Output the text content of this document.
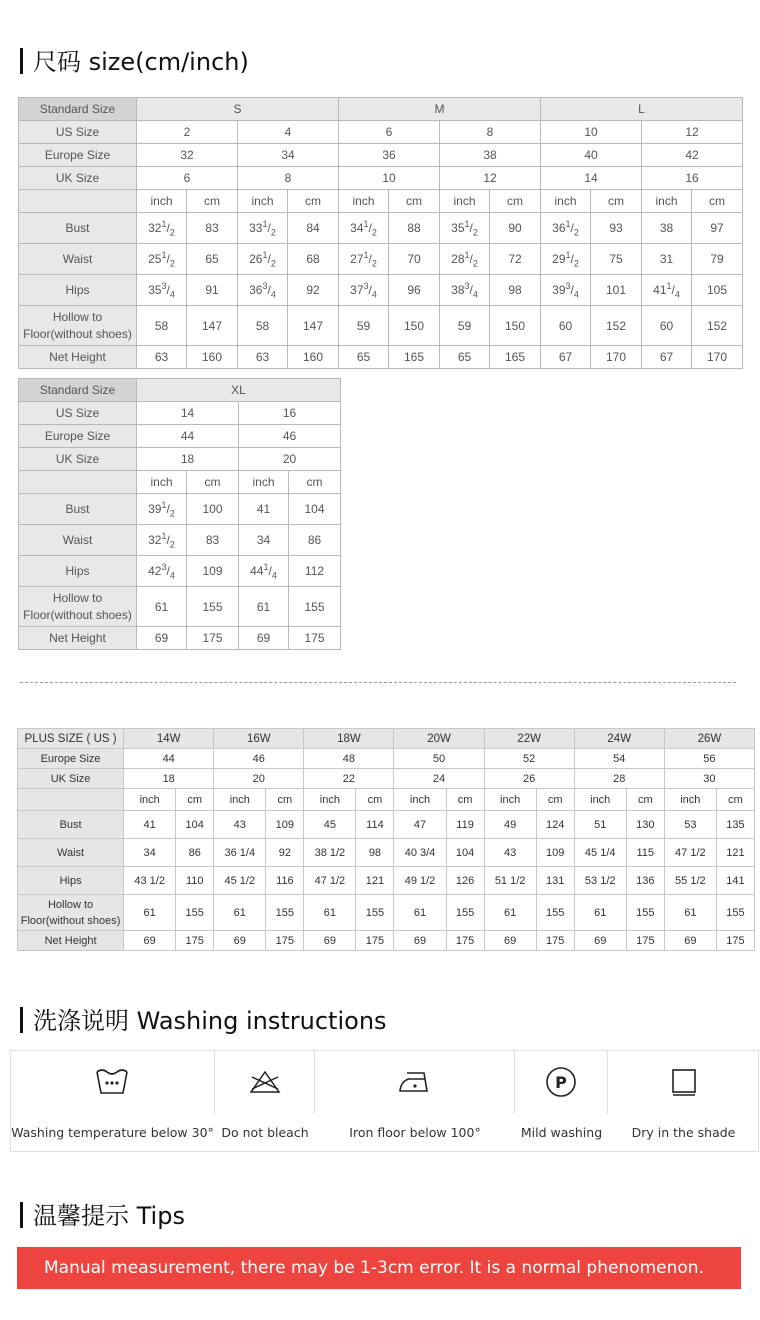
尺码 size(cm/inch)
Standard Size	S				M				L			
US Size	2		4		6		8		10		12	
Europe Size	32		34		36		38		40		42	
UK Size	6		8		10		12		14		16	
	inch	cm	inch	cm	inch	cm	inch	cm	inch	cm	inch	cm
Bust	$32^1/_2$	83	$33^1/_2$	84	$34^1/_2$	88	$35^1/_2$	90	$36^1/_2$	93	38	97
Waist	$25^1/_2$	65	$26^1/_2$	68	$27^1/_2$	70	$28^1/_2$	72	$29^1/_2$	75	31	79
Hips	$35^3/_4$	91	$36^3/_4$	92	$37^3/_4$	96	$38^3/_4$	98	$39^3/_4$	101	$41^1/_4$	105
Hollow to Floor(without shoes)	58	147	58	147	59	150	59	150	60	152	60	152
Net Height	63	160	63	160	65	165	65	165	67	170	67	170
Standard Size	XL			
US Size	14		16	
Europe Size	44		46	
UK Size	18		20	
	inch	cm	inch	cm
Bust	$39^1/_2$	100	41	104
Waist	$32^1/_2$	83	34	86
Hips	$42^3/_4$	109	$44^1/_4$	112
Hollow to Floor(without shoes)	61	155	61	155
Net Height	69	175	69	175
PLUS SIZE ( US )	14W		16W		18W		20W		22W		24W		26W	
Europe Size	44		46		48		50		52		54		56	
UK Size	18		20		22		24		26		28		30	
	inch	cm	inch	cm	inch	cm	inch	cm	inch	cm	inch	cm	inch	cm
Bust	41	104	43	109	45	114	47	119	49	124	51	130	53	135
Waist	34	86	36 1/4	92	38 1/2	98	40 3/4	104	43	109	45 1/4	115	47 1/2	121
Hips	43 1/2	110	45 1/2	116	47 1/2	121	49 1/2	126	51 1/2	131	53 1/2	136	55 1/2	141
Hollow to Floor(without shoes)	61	155	61	155	61	155	61	155	61	155	61	155	61	155
Net Height	69	175	69	175	69	175	69	175	69	175	69	175	69	175
洗涤说明 Washing instructions
Washing temperature below 30° Do not bleach	Iron floor below 100°
P
Mild washing	Dry in the shade
温馨提示 Tips
Manual measurement, there may be 1-3cm error. It is a normal phenomenon.
